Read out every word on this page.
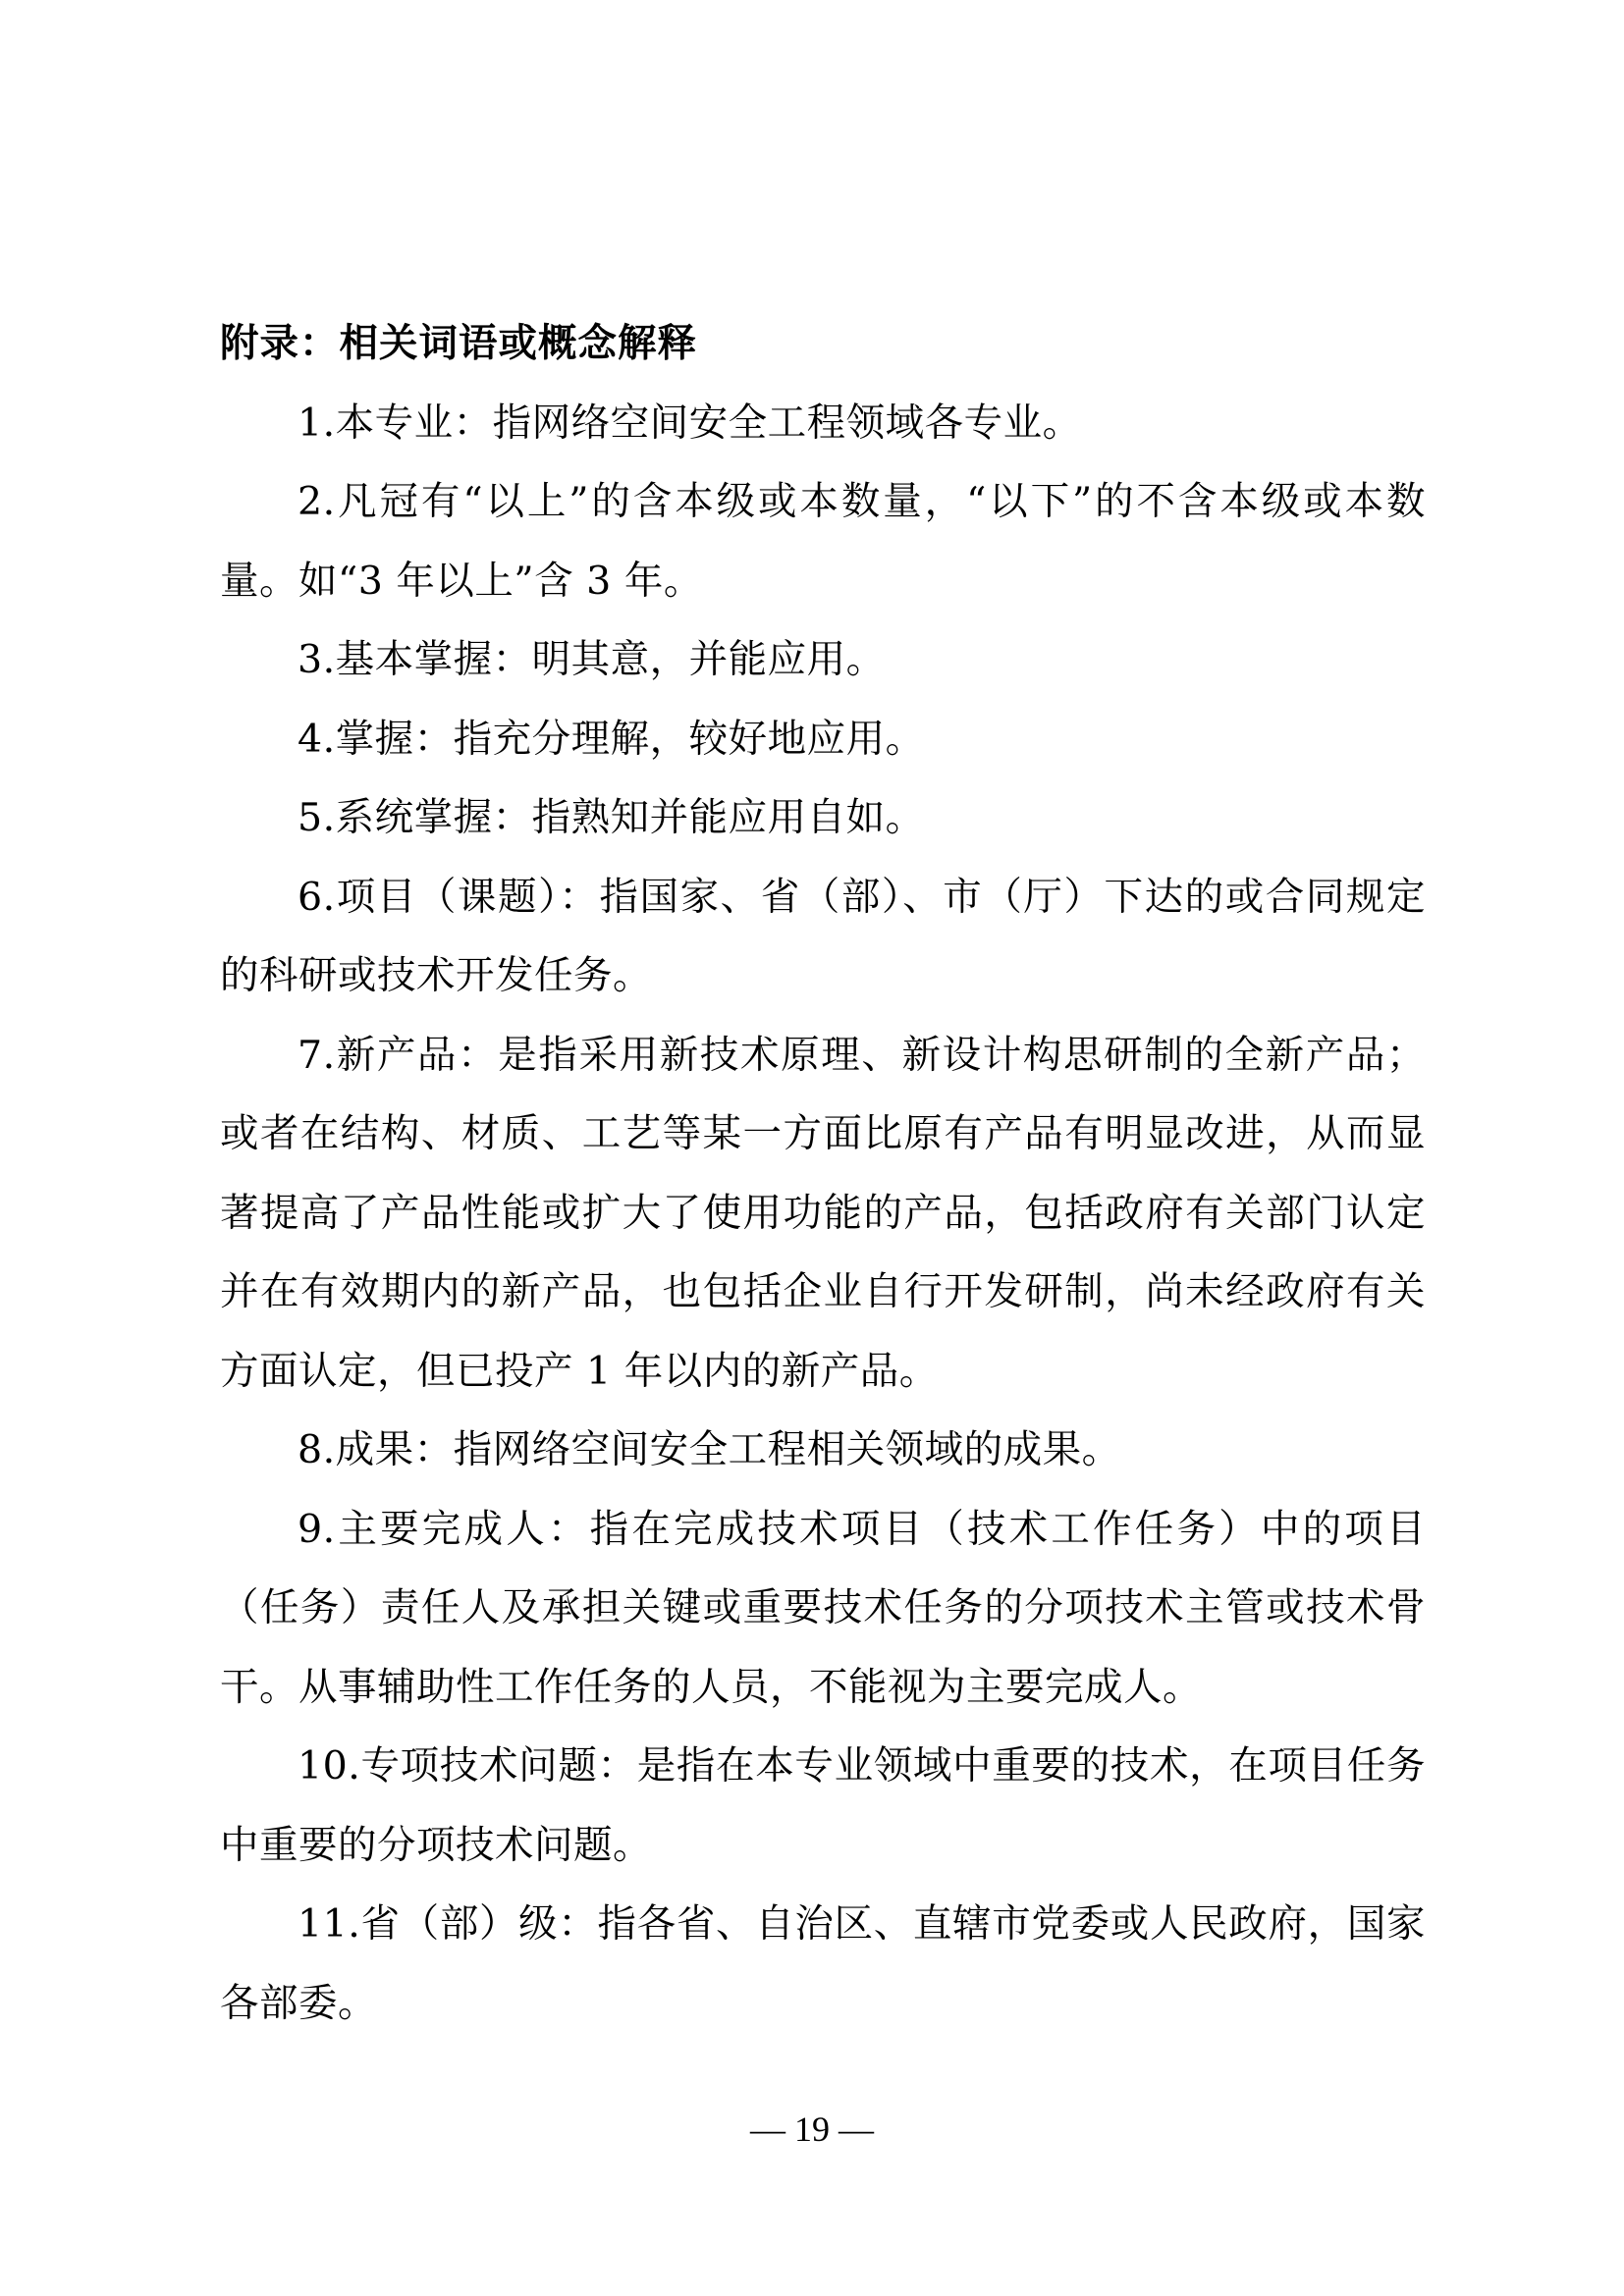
附录：相关词语或概念解释

1.本专业：指网络空间安全工程领域各专业。

2.凡冠有“以上”的含本级或本数量，“以下”的不含本级或本数量。如“3 年以上”含 3 年。

3.基本掌握：明其意，并能应用。

4.掌握：指充分理解，较好地应用。

5.系统掌握：指熟知并能应用自如。

6.项目（课题）：指国家、省（部）、市（厅）下达的或合同规定的科研或技术开发任务。

7.新产品：是指采用新技术原理、新设计构思研制的全新产品；或者在结构、材质、工艺等某一方面比原有产品有明显改进，从而显著提高了产品性能或扩大了使用功能的产品，包括政府有关部门认定并在有效期内的新产品，也包括企业自行开发研制，尚未经政府有关方面认定，但已投产 1 年以内的新产品。

8.成果：指网络空间安全工程相关领域的成果。

9.主要完成人：指在完成技术项目（技术工作任务）中的项目（任务）责任人及承担关键或重要技术任务的分项技术主管或技术骨干。从事辅助性工作任务的人员，不能视为主要完成人。

10.专项技术问题：是指在本专业领域中重要的技术，在项目任务中重要的分项技术问题。

11.省（部）级：指各省、自治区、直辖市党委或人民政府，国家各部委。

— 19 —
